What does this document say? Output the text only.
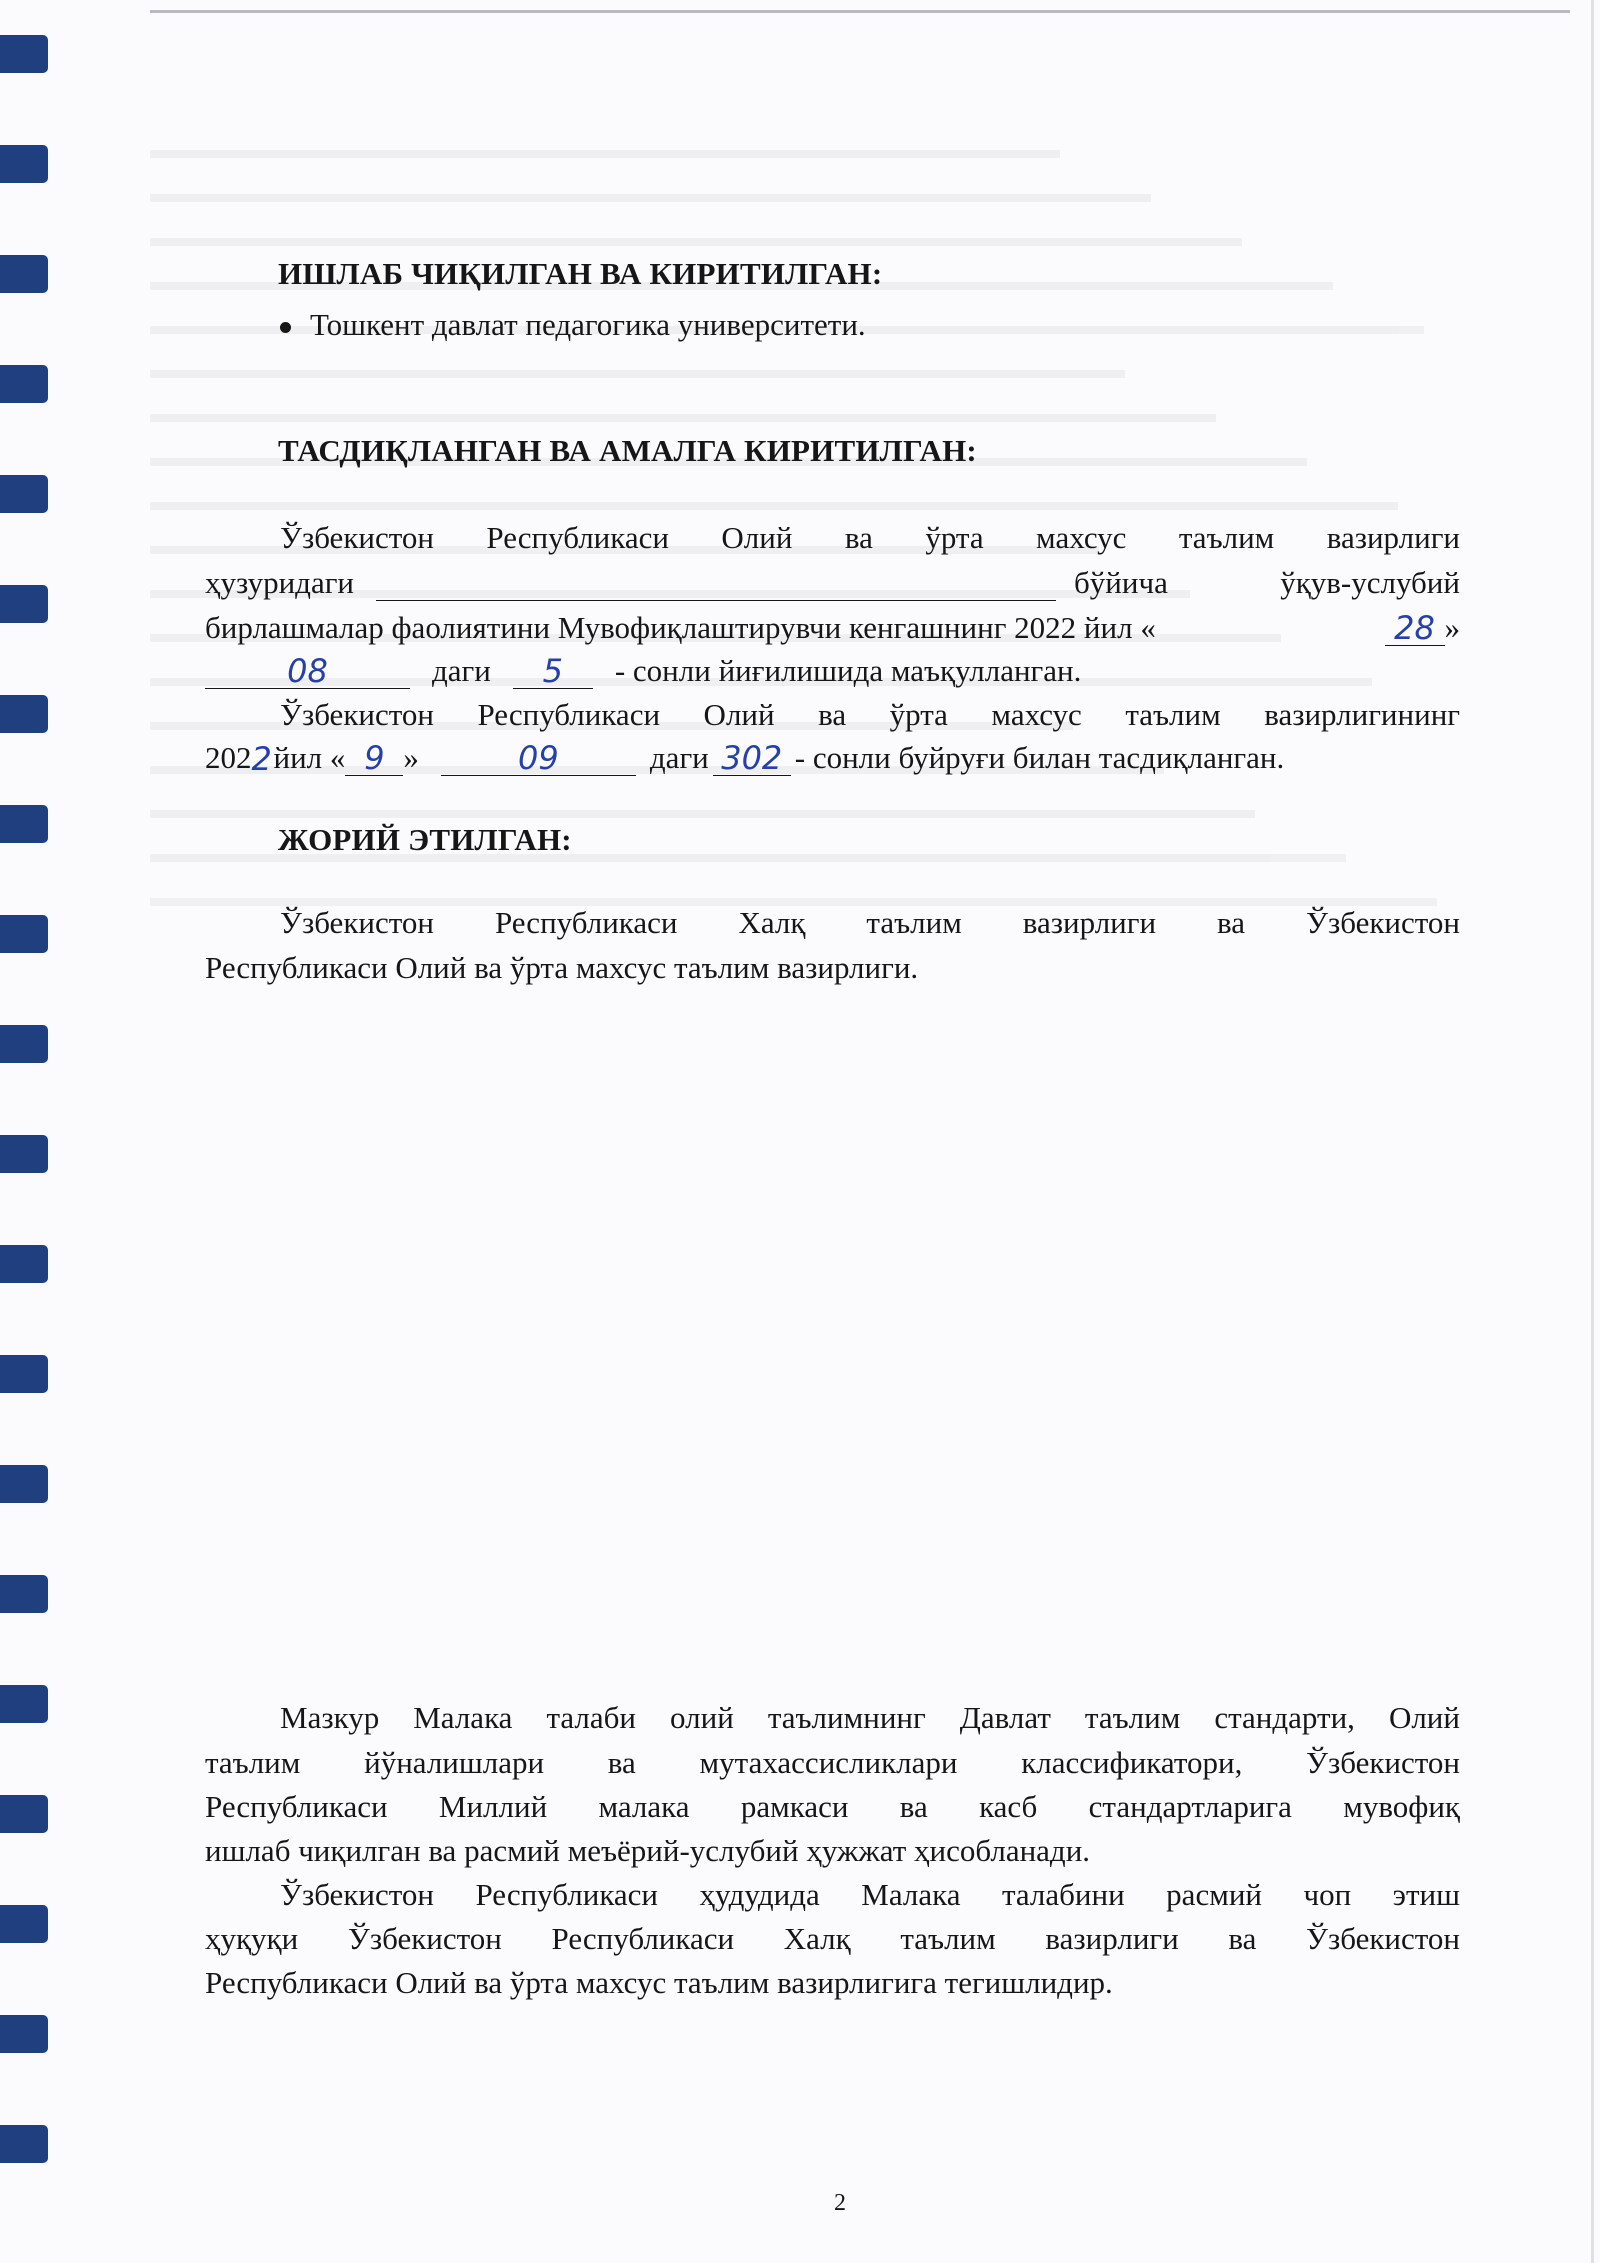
ИШЛАБ ЧИҚИЛГАН ВА КИРИТИЛГАН:
Тошкент давлат педагогика университети.
ТАСДИҚЛАНГАН ВА АМАЛГА КИРИТИЛГАН:
Ўзбекистон Республикаси Олий ва ўрта махсус таълим вазирлиги
ҳузуридаги	бўйича ўқув-услубий
бирлашмалар фаолиятини Мувофиқлаштирувчи кенгашнинг 2022 йил «	28 »
08	даги	5	- сонли йиғилишида маъқулланган.
Ўзбекистон Республикаси Олий ва ўрта махсус таълим вазирлигининг
202 2 йил « 9 »	09	даги 302 - сонли буйруғи билан тасдиқланган.
ЖОРИЙ ЭТИЛГАН:
Ўзбекистон Республикаси Халқ таълим вазирлиги ва Ўзбекистон
Республикаси Олий ва ўрта махсус таълим вазирлиги.
Мазкур Малака талаби олий таълимнинг Давлат таълим стандарти, Олий
таълим йўналишлари ва мутахассисликлари классификатори, Ўзбекистон
Республикаси Миллий малака рамкаси ва касб стандартларига мувофиқ
ишлаб чиқилган ва расмий меъёрий-услубий ҳужжат ҳисобланади.
Ўзбекистон Республикаси ҳудудида Малака талабини расмий чоп этиш
ҳуқуқи Ўзбекистон Республикаси Халқ таълим вазирлиги ва Ўзбекистон
Республикаси Олий ва ўрта махсус таълим вазирлигига тегишлидир.
2
